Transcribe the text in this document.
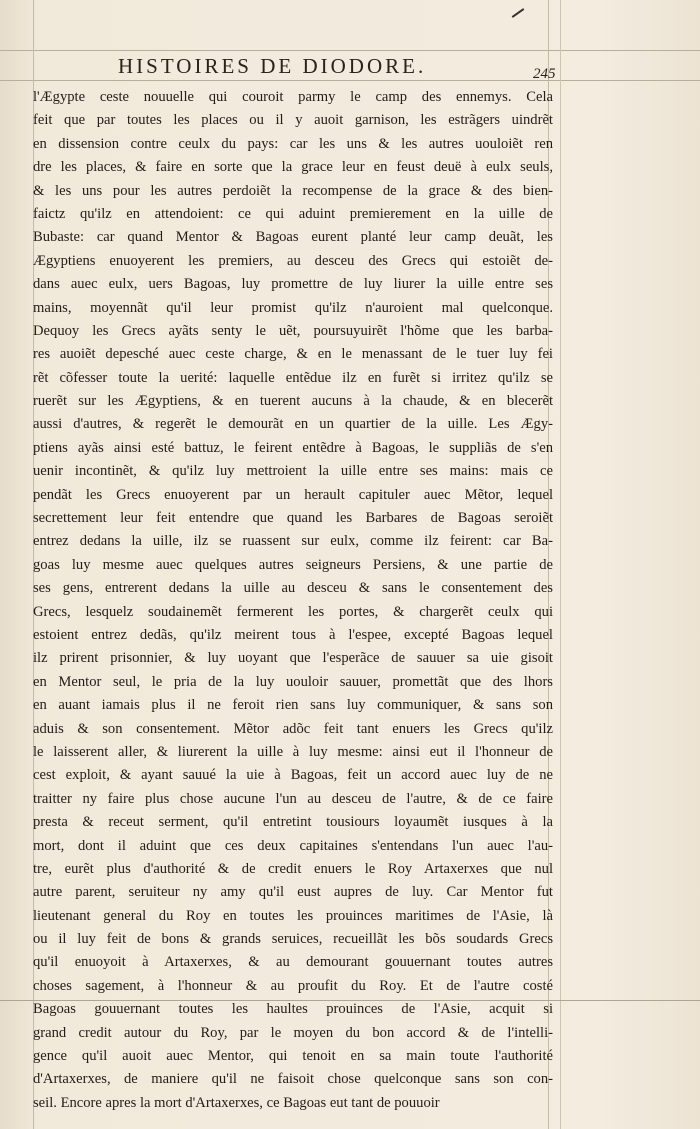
HISTOIRES DE DIODORE.	245
l'Ægypte ceste nouuelle qui couroit parmy le camp des ennemys. Cela
feit que par toutes les places ou il y auoit garnison, les estrãgers uindrẽt
en dissension contre ceulx du pays: car les uns & les autres uouloiẽt ren
dre les places, & faire en sorte que la grace leur en feust deuë à eulx seuls,
& les uns pour les autres perdoiẽt la recompense de la grace & des bien-
faictz qu'ilz en attendoient: ce qui aduint premierement en la uille de
Bubaste: car quand Mentor & Bagoas eurent planté leur camp deuãt, les
Ægyptiens enuoyerent les premiers, au desceu des Grecs qui estoiẽt de-
dans auec eulx, uers Bagoas, luy promettre de luy liurer la uille entre ses
mains, moyennãt qu'il leur promist qu'ilz n'auroient mal quelconque.
Dequoy les Grecs ayãts senty le uẽt, poursuyuirẽt l'hõme que les barba-
res auoiẽt depesché auec ceste charge, & en le menassant de le tuer luy fei
rẽt cõfesser toute la uerité: laquelle entẽdue ilz en furẽt si irritez qu'ilz se
ruerẽt sur les Ægyptiens, & en tuerent aucuns à la chaude, & en blecerẽt
aussi d'autres, & regerẽt le demourãt en un quartier de la uille. Les Ægy-
ptiens ayãs ainsi esté battuz, le feirent entẽdre à Bagoas, le suppliãs de s'en
uenir incontinẽt, & qu'ilz luy mettroient la uille entre ses mains: mais ce
pendãt les Grecs enuoyerent par un herault capituler auec Mẽtor, lequel
secrettement leur feit entendre que quand les Barbares de Bagoas seroiẽt
entrez dedans la uille, ilz se ruassent sur eulx, comme ilz feirent: car Ba-
goas luy mesme auec quelques autres seigneurs Persiens, & une partie de
ses gens, entrerent dedans la uille au desceu & sans le consentement des
Grecs, lesquelz soudainemẽt fermerent les portes, & chargerẽt ceulx qui
estoient entrez dedãs, qu'ilz meirent tous à l'espee, excepté Bagoas lequel
ilz prirent prisonnier, & luy uoyant que l'esperãce de sauuer sa uie gisoit
en Mentor seul, le pria de la luy uouloir sauuer, promettãt que des lhors
en auant iamais plus il ne feroit rien sans luy communiquer, & sans son
aduis & son consentement. Mẽtor adõc feit tant enuers les Grecs qu'ilz
le laisserent aller, & liurerent la uille à luy mesme: ainsi eut il l'honneur de
cest exploit, & ayant sauué la uie à Bagoas, feit un accord auec luy de ne
traitter ny faire plus chose aucune l'un au desceu de l'autre, & de ce faire
presta & receut serment, qu'il entretint tousiours loyaumẽt iusques à la
mort, dont il aduint que ces deux capitaines s'entendans l'un auec l'au-
tre, eurẽt plus d'authorité & de credit enuers le Roy Artaxerxes que nul
autre parent, seruiteur ny amy qu'il eust aupres de luy. Car Mentor fut
lieutenant general du Roy en toutes les prouinces maritimes de l'Asie, là
ou il luy feit de bons & grands seruices, recueillãt les bõs soudards Grecs
qu'il enuoyoit à Artaxerxes, & au demourant gouuernant toutes autres
choses sagement, à l'honneur & au proufit du Roy. Et de l'autre costé
Bagoas gouuernant toutes les haultes prouinces de l'Asie, acquit si
grand credit autour du Roy, par le moyen du bon accord & de l'intelli-
gence qu'il auoit auec Mentor, qui tenoit en sa main toute l'authorité
d'Artaxerxes, de maniere qu'il ne faisoit chose quelconque sans son con-
seil. Encore apres la mort d'Artaxerxes, ce Bagoas eut tant de pouuoir
